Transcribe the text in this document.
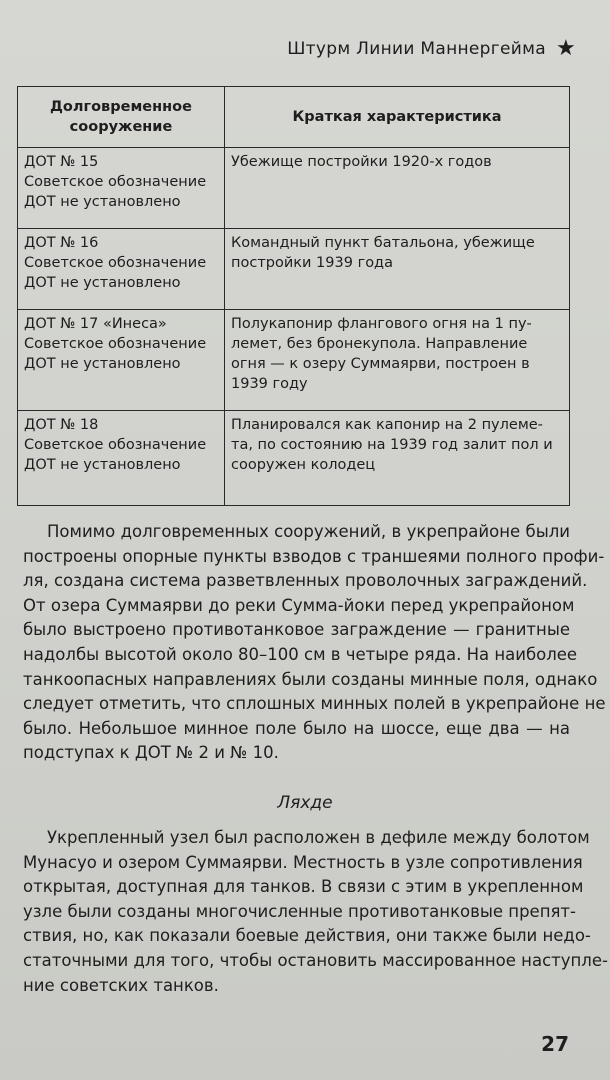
Штурм Линии Маннергейма ★
Долговременное
сооружение	Краткая характеристика

ДОТ № 15
Советское обозначение
ДОТ не установлено	Убежище постройки 1920-х годов

ДОТ № 16
Советское обозначение
ДОТ не установлено	Командный пункт батальона, убежище
постройки 1939 года

ДОТ № 17 «Инеса»
Советское обозначение
ДОТ не установлено	Полукапонир флангового огня на 1 пу-
лемет, без бронекупола. Направление
огня — к озеру Суммаярви, построен в
1939 году

ДОТ № 18
Советское обозначение
ДОТ не установлено	Планировался как капонир на 2 пулеме-
та, по состоянию на 1939 год залит пол и
сооружен колодец
Помимо долговременных сооружений, в укрепрайоне были
построены опорные пункты взводов с траншеями полного профи-
ля, создана система разветвленных проволочных заграждений.
От озера Суммаярви до реки Сумма-йоки перед укрепрайоном
было выстроено противотанковое заграждение — гранитные
надолбы высотой около 80–100 см в четыре ряда. На наиболее
танкоопасных направлениях были созданы минные поля, однако
следует отметить, что сплошных минных полей в укрепрайоне не
было. Небольшое минное поле было на шоссе, еще два — на
подступах к ДОТ № 2 и № 10.
Ляхде
Укрепленный узел был расположен в дефиле между болотом
Мунасуо и озером Суммаярви. Местность в узле сопротивления
открытая, доступная для танков. В связи с этим в укрепленном
узле были созданы многочисленные противотанковые препят-
ствия, но, как показали боевые действия, они также были недо-
статочными для того, чтобы остановить массированное наступле-
ние советских танков.
27
